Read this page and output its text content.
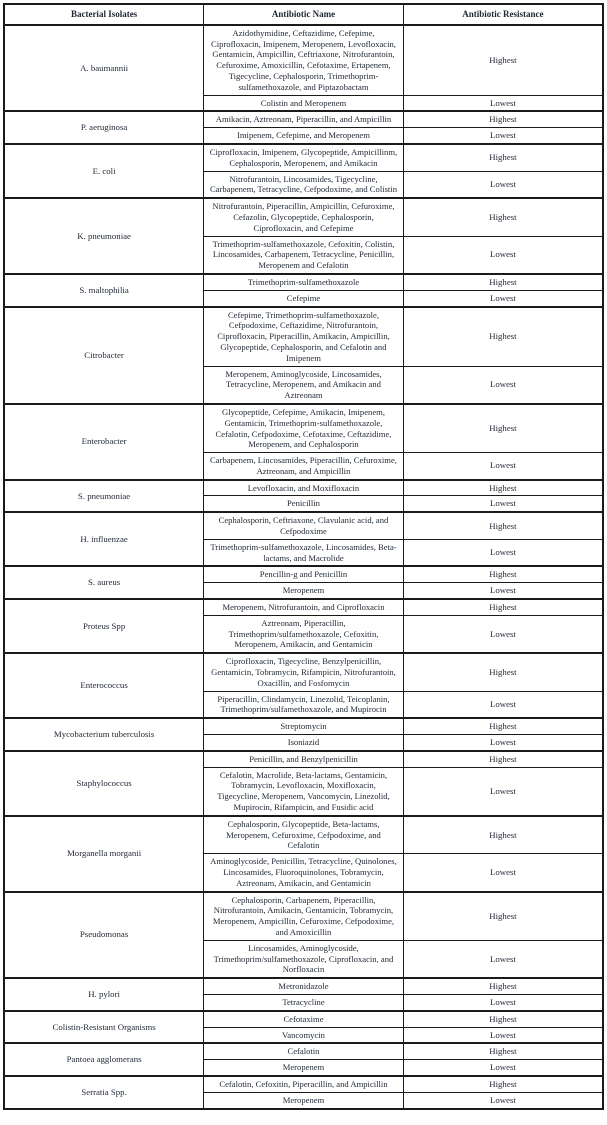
Bacterial Isolates	Antibiotic Name	Antibiotic Resistance
A. baumannii	Azidothymidine, Ceftazidime, Cefepime, Ciprofloxacin, Imipenem, Meropenem, Levofloxacin, Gentamicin, Ampicillin, Ceftriaxone, Nitrofurantoin, Cefuroxime, Amoxicillin, Cefotaxime, Ertapenem, Tigecycline, Cephalosporin, Trimethoprim-sulfamethoxazole, and Piptazobactam	Highest
	Colistin and Meropenem	Lowest
P. aeruginosa	Amikacin, Aztreonam, Piperacillin, and Ampicillin	Highest
	Imipenem, Cefepime, and Meropenem	Lowest
E. coli	Ciprofloxacin, Imipenem, Glycopeptide, Ampicillinm, Cephalosporin, Meropenem, and Amikacin	Highest
	Nitrofurantoin, Lincosamides, Tigecycline, Carbapenem, Tetracycline, Cefpodoxime, and Colistin	Lowest
K. pneumoniae	Nitrofurantoin, Piperacillin, Ampicillin, Cefuroxime, Cefazolin, Glycopeptide, Cephalosporin, Ciprofloxacin, and Cefepime	Highest
	Trimethoprim-sulfamethoxazole, Cefoxitin, Colistin, Lincosamides, Carbapenem, Tetracycline, Penicillin, Meropenem and Cefalotin	Lowest
S. maltophilia	Trimethoprim-sulfamethoxazole	Highest
	Cefepime	Lowest
Citrobacter	Cefepime, Trimethoprim-sulfamethoxazole, Cefpodoxime, Ceftazidime, Nitrofurantoin, Ciprofloxacin, Piperacillin, Amikacin, Ampicillin, Glycopeptide, Cephalosporin, and Cefalotin and Imipenem	Highest
	Meropenem, Aminoglycoside, Lincosamides, Tetracycline, Meropenem, and Amikacin and Aztreonam	Lowest
Enterobacter	Glycopeptide, Cefepime, Amikacin, Imipenem, Gentamicin, Trimethoprim-sulfamethoxazole, Cefalotin, Cefpodoxime, Cefotaxime, Ceftazidime, Meropenem, and Cephalosporin	Highest
	Carbapenem, Lincosamides, Piperacillin, Cefuroxime, Aztreonam, and Ampicillin	Lowest
S. pneumoniae	Levofloxacin, and Moxifloxacin	Highest
	Penicillin	Lowest
H. influenzae	Cephalosporin, Ceftriaxone, Clavulanic acid, and Cefpodoxime	Highest
	Trimethoprim-sulfamethoxazole, Lincosamides, Beta-lactams, and Macrolide	Lowest
S. aureus	Pencillin-g and Penicillin	Highest
	Meropenem	Lowest
Proteus Spp	Meropenem, Nitrofurantoin, and Ciprofloxacin	Highest
	Aztreonam, Piperacillin, Trimethoprim/sulfamethoxazole, Cefoxitin, Meropenem, Amikacin, and Gentamicin	Lowest
Enterococcus	Ciprofloxacin, Tigecycline, Benzylpenicillin, Gentamicin, Tobramycin, Rifampicin, Nitrofurantoin, Oxacillin, and Fosfomycin	Highest
	Piperacillin, Clindamycin, Linezolid, Teicoplanin, Trimethoprim/sulfamethoxazole, and Mupirocin	Lowest
Mycobacterium tuberculosis	Streptomycin	Highest
	Isoniazid	Lowest
Staphylococcus	Penicillin, and Benzylpenicillin	Highest
	Cefalotin, Macrolide, Beta-lactams, Gentamicin, Tobramycin, Levofloxacin, Moxifloxacin, Tigecycline, Meropenem, Vancomycin, Linezolid, Mupirocin, Rifampicin, and Fusidic acid	Lowest
Morganella morganii	Cephalosporin, Glycopeptide, Beta-lactams, Meropenem, Cefuroxime, Cefpodoxime, and Cefalotin	Highest
	Aminoglycoside, Penicillin, Tetracycline, Quinolones, Lincosamides, Fluoroquinolones, Tobramycin, Aztreonam, Amikacin, and Gentamicin	Lowest
Pseudomonas	Cephalosporin, Carbapenem, Piperacillin, Nitrofurantoin, Amikacin, Gentamicin, Tobramycin, Meropenem, Ampicillin, Cefuroxime, Cefpodoxime, and Amoxicillin	Highest
	Lincosamides, Aminoglycoside, Trimethoprim/sulfamethoxazole, Ciprofloxacin, and Norfloxacin	Lowest
H. pylori	Metronidazole	Highest
	Tetracycline	Lowest
Colistin-Resistant Organisms	Cefotaxime	Highest
	Vancomycin	Lowest
Pantoea agglomerans	Cefalotin	Highest
	Meropenem	Lowest
Serratia Spp.	Cefalotin, Cefoxitin, Piperacillin, and Ampicillin	Highest
	Meropenem	Lowest
